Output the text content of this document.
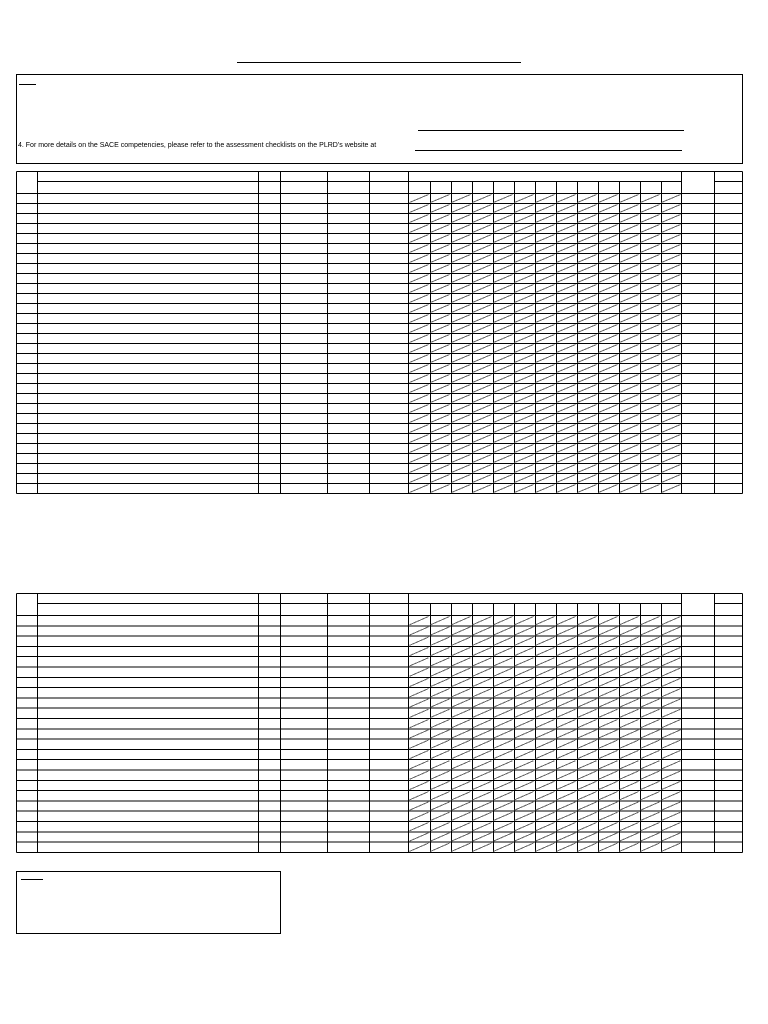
4. For more details on the SACE competencies, please refer to the assessment checklists on the PLRD’s website at
